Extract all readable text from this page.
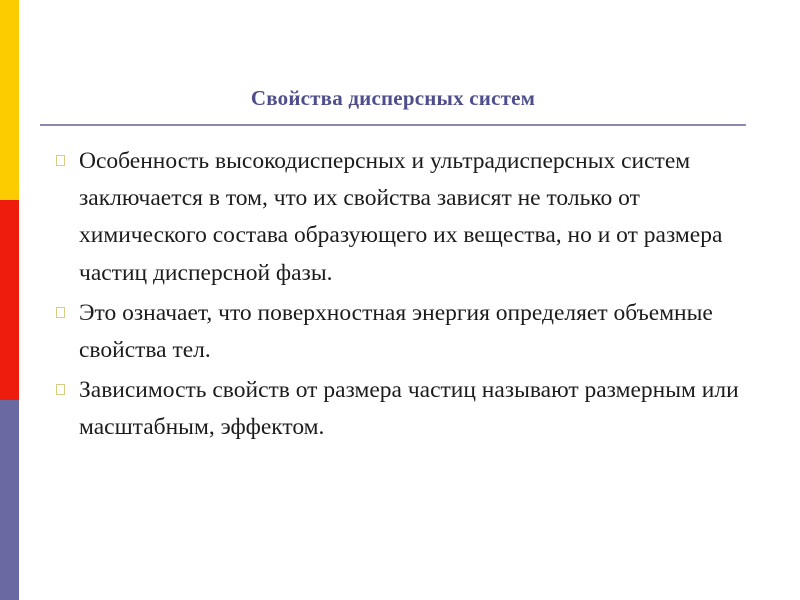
Свойства дисперсных систем
Особенность высокодисперсных и ультрадисперсных систем заключается в том, что их свойства зависят не только от химического состава образующего их вещества, но и от размера частиц дисперсной фазы.
Это означает, что поверхностная энергия определяет объемные свойства тел.
Зависимость свойств от размера частиц называют размерным или масштабным, эффектом.
